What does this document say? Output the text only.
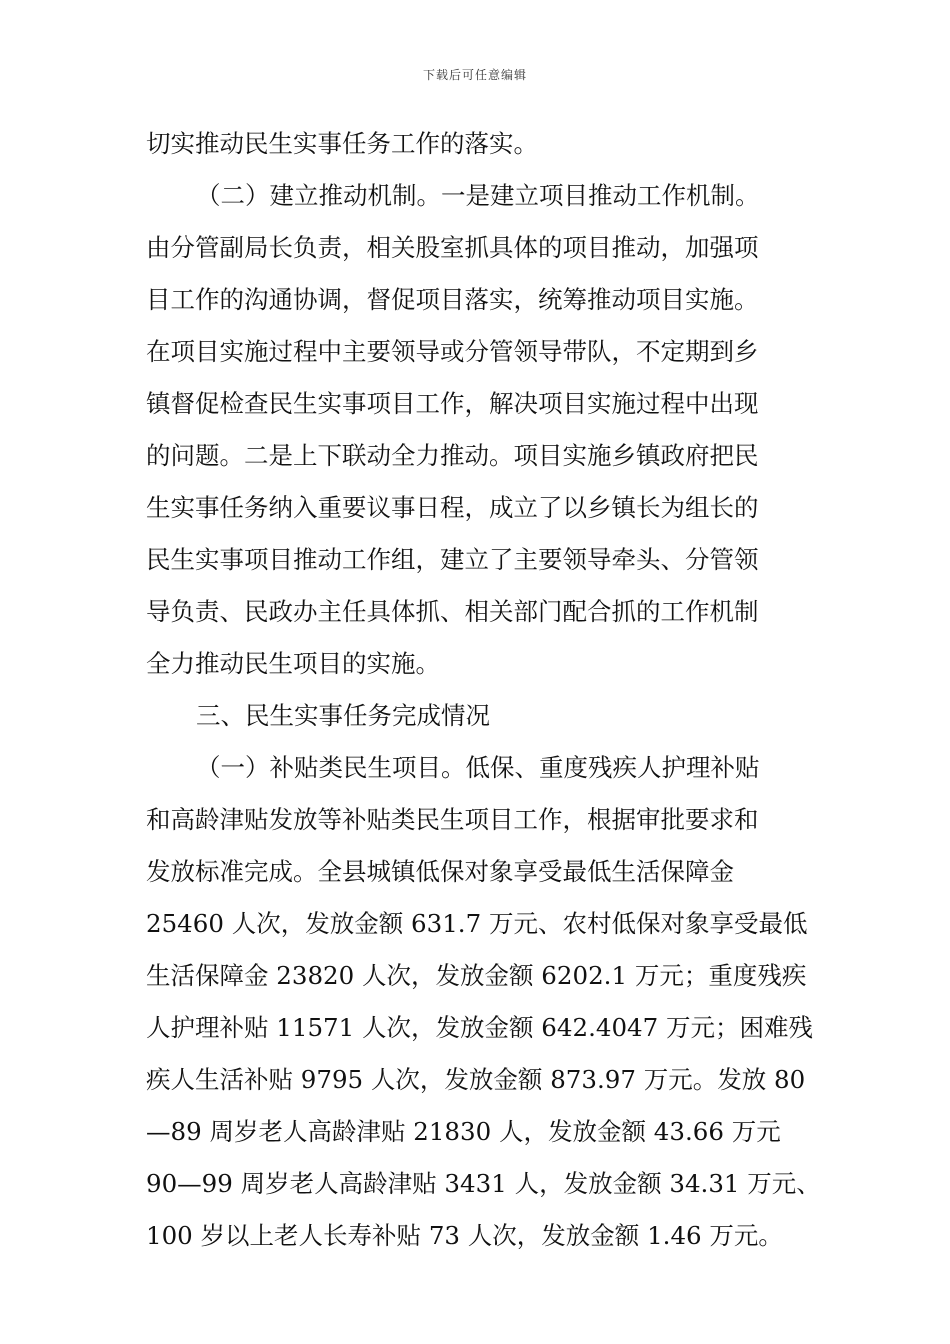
下载后可任意编辑
切实推动民生实事任务工作的落实。
（二）建立推动机制。一是建立项目推动工作机制。
由分管副局长负责，相关股室抓具体的项目推动，加强项
目工作的沟通协调，督促项目落实，统筹推动项目实施。
在项目实施过程中主要领导或分管领导带队，不定期到乡
镇督促检查民生实事项目工作，解决项目实施过程中出现
的问题。二是上下联动全力推动。项目实施乡镇政府把民
生实事任务纳入重要议事日程，成立了以乡镇长为组长的
民生实事项目推动工作组，建立了主要领导牵头、分管领
导负责、民政办主任具体抓、相关部门配合抓的工作机制
全力推动民生项目的实施。
三、民生实事任务完成情况
（一）补贴类民生项目。低保、重度残疾人护理补贴
和高龄津贴发放等补贴类民生项目工作，根据审批要求和
发放标准完成。全县城镇低保对象享受最低生活保障金
25460 人次，发放金额 631.7 万元、农村低保对象享受最低
生活保障金 23820 人次，发放金额 6202.1 万元；重度残疾
人护理补贴 11571 人次，发放金额 642.4047 万元；困难残
疾人生活补贴 9795 人次，发放金额 873.97 万元。发放 80
—89 周岁老人高龄津贴 21830 人，发放金额 43.66 万元
90—99 周岁老人高龄津贴 3431 人，发放金额 34.31 万元、
100 岁以上老人长寿补贴 73 人次，发放金额 1.46 万元。
